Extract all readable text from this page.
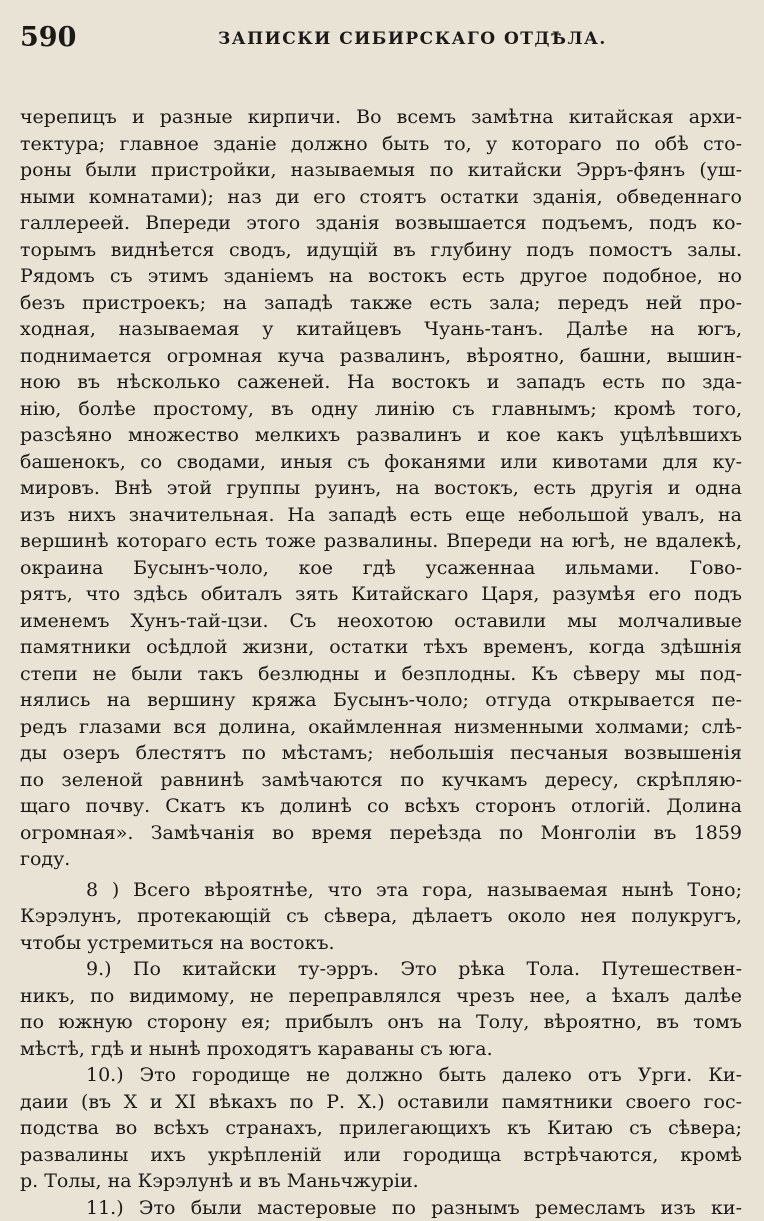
590	ЗАПИСКИ СИБИРСКАГО ОТДѢЛА.
черепицъ и разные кирпичи. Во всемъ замѣтна китайская архи-
тектура; главное зданіе должно быть то, у котораго по обѣ сто-
роны были пристройки, называемыя по китайски Эрръ-фянъ (уш-
ными комнатами); наз ди его стоятъ остатки зданія, обведеннаго
галлереей. Впереди этого зданія возвышается подъемъ, подъ ко-
торымъ виднѣется сводъ, идущій въ глубину подъ помостъ залы.
Рядомъ съ этимъ зданіемъ на востокъ есть другое подобное, но
безъ пристроекъ; на западѣ также есть зала; передъ ней про-
ходная, называемая у китайцевъ Чуань-танъ. Далѣе на югъ,
поднимается огромная куча развалинъ, вѣроятно, башни, вышин-
ною въ нѣсколько саженей. На востокъ и западъ есть по зда-
нію, болѣе простому, въ одну линію съ главнымъ; кромѣ того,
разсѣяно множество мелкихъ развалинъ и кое какъ уцѣлѣвшихъ
башенокъ, со сводами, иныя съ фоканями или кивотами для ку-
мировъ. Внѣ этой группы руинъ, на востокъ, есть другія и одна
изъ нихъ значительная. На западѣ есть еще небольшой увалъ, на
вершинѣ котораго есть тоже развалины. Впереди на югѣ, не вдалекѣ,
окраина Бусынъ-чоло, кое гдѣ усаженнаа ильмами. Гово-
рятъ, что здѣсь обиталъ зять Китайскаго Царя, разумѣя его подъ
именемъ Хунъ-тай-цзи. Съ неохотою оставили мы молчаливые
памятники осѣдлой жизни, остатки тѣхъ временъ, когда здѣшнія
степи не были такъ безлюдны и безплодны. Къ сѣверу мы под-
нялись на вершину кряжа Бусынъ-чоло; отгуда открывается пе-
редъ глазами вся долина, окаймленная низменными холмами; слѣ-
ды озеръ блестятъ по мѣстамъ; небольшія песчаныя возвышенія
по зеленой равнинѣ замѣчаются по кучкамъ дересу, скрѣпляю-
щаго почву. Скатъ къ долинѣ со всѣхъ сторонъ отлогій. Долина
огромная». Замѣчанія во время переѣзда по Монголіи въ 1859
году.
8 ) Всего вѣроятнѣе, что эта гора, называемая нынѣ Тоно;
Кэрэлунъ, протекающій съ сѣвера, дѣлаетъ около нея полукругъ,
чтобы устремиться на востокъ.
9.) По китайски ту-эрръ. Это рѣка Тола. Путешествен-
никъ, по видимому, не переправлялся чрезъ нее, а ѣхалъ далѣе
по южную сторону ея; прибылъ онъ на Толу, вѣроятно, въ томъ
мѣстѣ, гдѣ и нынѣ проходятъ караваны съ юга.
10.) Это городище не должно быть далеко отъ Урги. Ки-
даии (въ X и XI вѣкахъ по Р. Х.) оставили памятники своего гос-
подства во всѣхъ странахъ, прилегающихъ къ Китаю съ сѣвера;
развалины ихъ укрѣпленій или городища встрѣчаются, кромѣ
р. Толы, на Кэрэлунѣ и въ Маньчжуріи.
11.) Это были мастеровые по разнымъ ремесламъ изъ ки-
